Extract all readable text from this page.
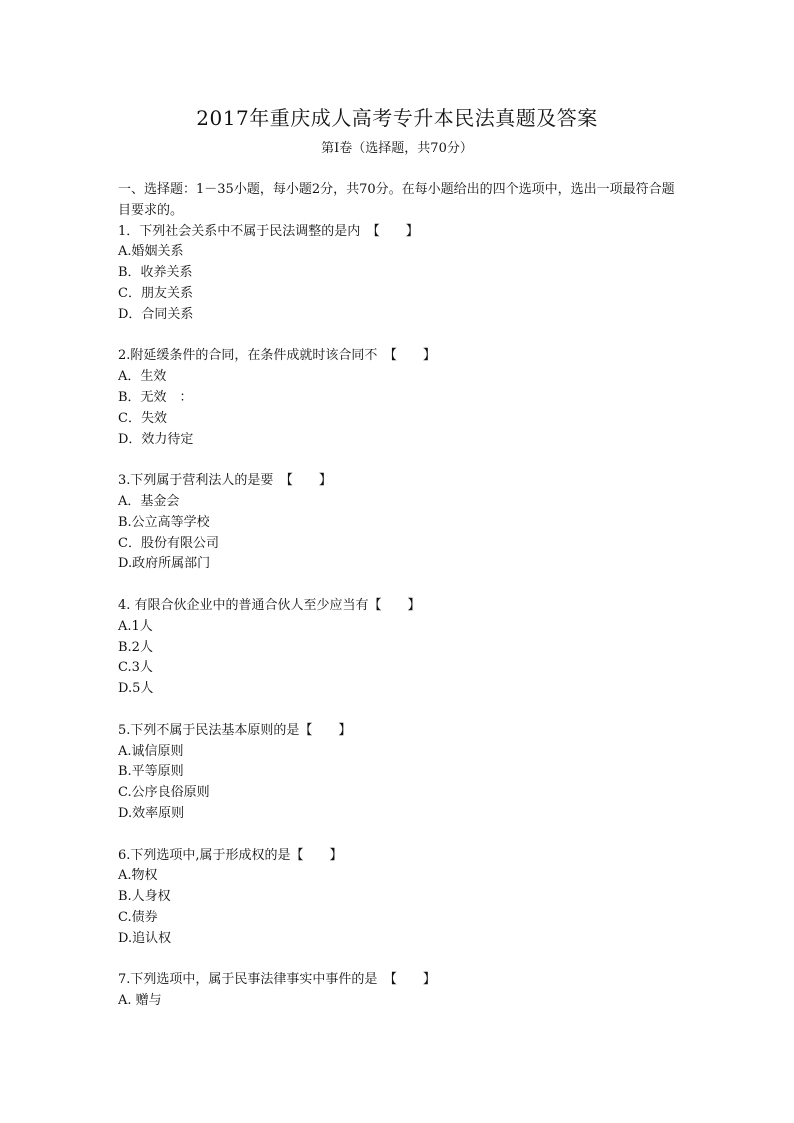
2017年重庆成人高考专升本民法真题及答案
第Ⅰ卷（选择题，共70分）

一、选择题：1－35小题，每小题2分，共70分。在每小题给出的四个选项中，选出一项最符合题目要求的。

1．下列社会关系中不属于民法调整的是内　【　　】

A.婚姻关系

B．收养关系

C．朋友关系

D．合同关系

2.附延缓条件的合同，在条件成就时该合同不　【　　】

A．生效

B．无效　：

C．失效

D．效力待定

3.下列属于营利法人的是要　【　　】

A．基金会

B.公立高等学校

C．股份有限公司

D.政府所属部门

4. 有限合伙企业中的普通合伙人至少应当有【　　】

A.1人

B.2人

C.3人

D.5人

5.下列不属于民法基本原则的是【　　】

A.诚信原则

B.平等原则

C.公序良俗原则

D.效率原则

6.下列选项中,属于形成权的是【　　】

A.物权

B.人身权

C.债券

D.追认权

7.下列选项中，属于民事法律事实中事件的是　【　　】

A. 赠与
